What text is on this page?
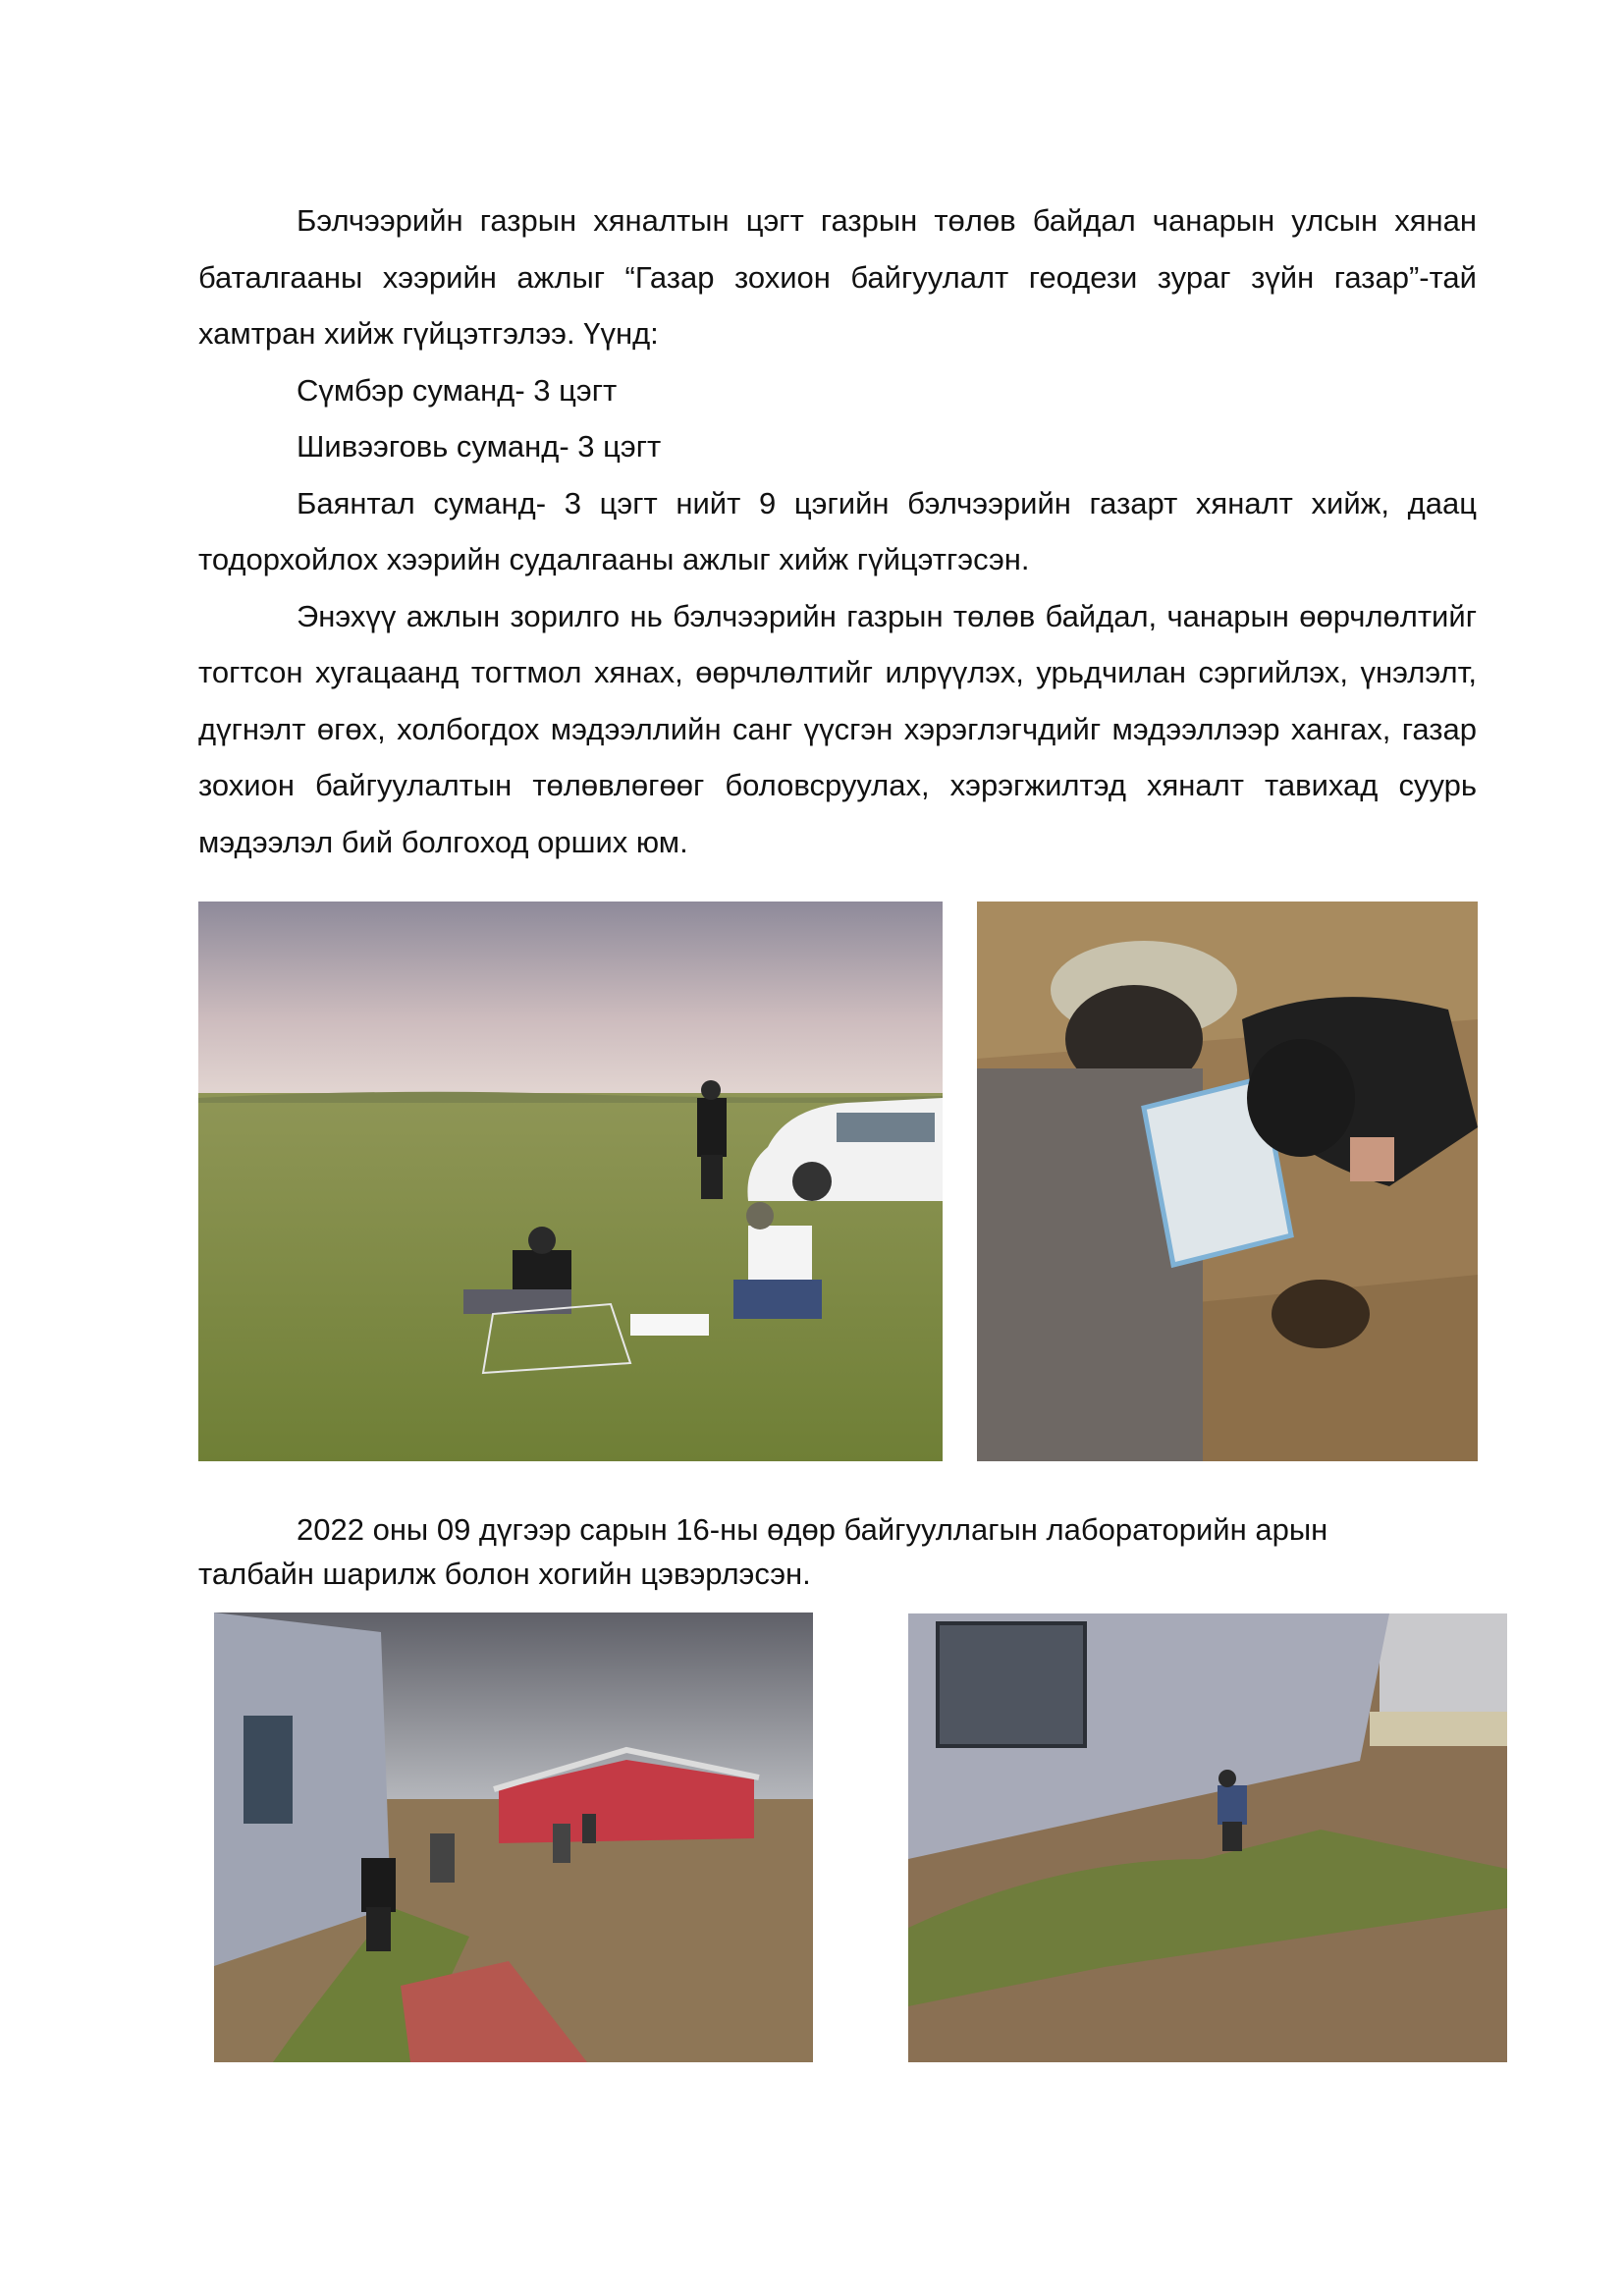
Бэлчээрийн газрын хяналтын цэгт газрын төлөв байдал чанарын улсын хянан баталгааны хээрийн ажлыг “Газар зохион байгуулалт геодези зураг зүйн газар”-тай хамтран хийж гүйцэтгэлээ. Үүнд:

Сүмбэр суманд- 3 цэгт

Шивээговь суманд- 3 цэгт

Баянтал суманд- 3 цэгт нийт 9 цэгийн бэлчээрийн газарт хяналт хийж, даац тодорхойлох хээрийн судалгааны ажлыг хийж гүйцэтгэсэн.

Энэхүү ажлын зорилго нь бэлчээрийн газрын төлөв байдал, чанарын өөрчлөлтийг тогтсон хугацаанд тогтмол хянах, өөрчлөлтийг илрүүлэх, урьдчилан сэргийлэх, үнэлэлт, дүгнэлт өгөх, холбогдох мэдээллийн санг үүсгэн хэрэглэгчдийг мэдээллээр хангах, газар зохион байгуулалтын төлөвлөгөөг боловсруулах, хэрэгжилтэд хяналт тавихад суурь мэдээлэл бий болгоход орших юм.

2022 оны 09 дүгээр сарын 16-ны өдөр байгууллагын лабораторийн арын

талбайн шарилж болон хогийн цэвэрлэсэн.
